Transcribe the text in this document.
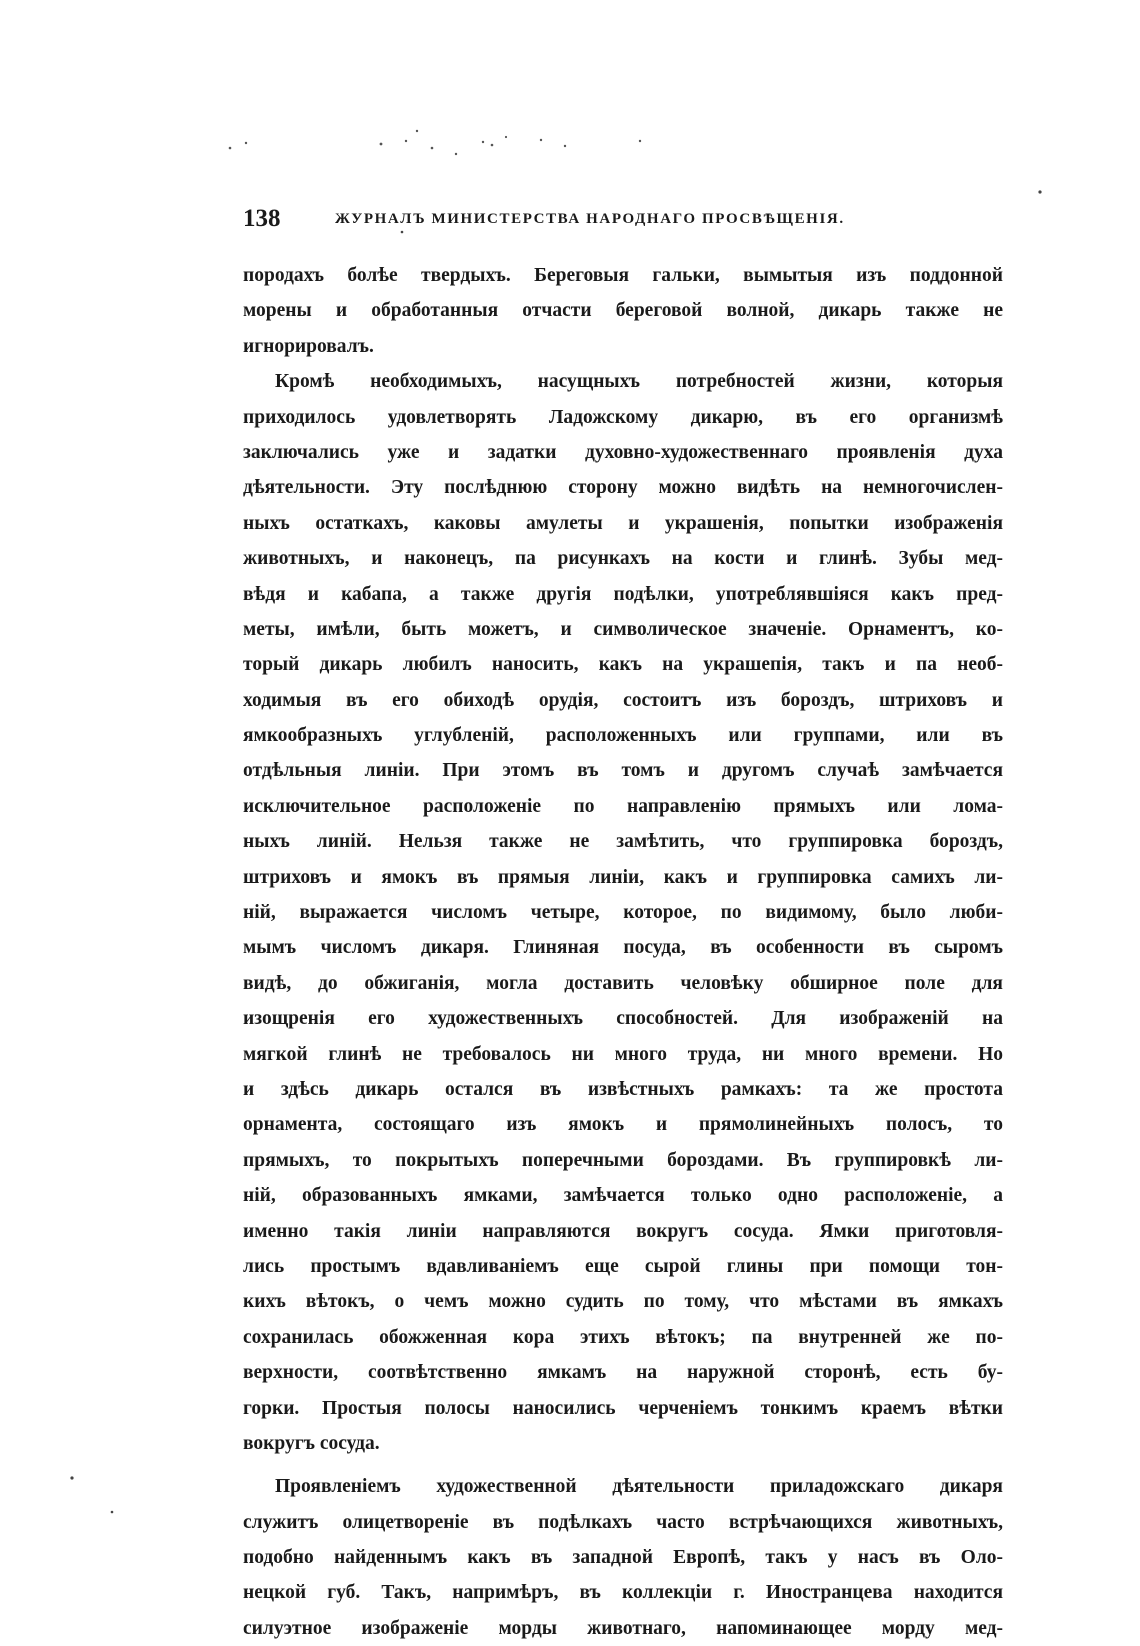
138	ЖУРНАЛЪ МИНИСТЕРСТВА НАРОДНАГО ПРОСВѢЩЕНІЯ.
породахъ болѣе твердыхъ. Береговыя гальки, вымытыя изъ поддонной
морены и обработанныя отчасти береговой волной, дикарь также не
игнорировалъ.
Кромѣ необходимыхъ, насущныхъ потребностей жизни, которыя
приходилось удовлетворять Ладожскому дикарю, въ его организмѣ
заключались уже и задатки духовно-художественнаго проявленія духа
дѣятельности. Эту послѣднюю сторону можно видѣть на немногочислен-
ныхъ остаткахъ, каковы амулеты и украшенія, попытки изображенія
животныхъ, и наконецъ, па рисункахъ на кости и глинѣ. Зубы мед-
вѣдя и кабапа, а также другія подѣлки, употреблявшіяся какъ пред-
меты, имѣли, быть можетъ, и символическое значеніе. Орнаментъ, ко-
торый дикарь любилъ наносить, какъ на украшепія, такъ и па необ-
ходимыя въ его обиходѣ орудія, состоитъ изъ бороздъ, штриховъ и
ямкообразныхъ углубленій, расположенныхъ или группами, или въ
отдѣльныя линіи. При этомъ въ томъ и другомъ случаѣ замѣчается
исключительное расположеніе по направленію прямыхъ или лома-
ныхъ линій. Нельзя также не замѣтить, что группировка бороздъ,
штриховъ и ямокъ въ прямыя линіи, какъ и группировка самихъ ли-
ній, выражается числомъ четыре, которое, по видимому, было люби-
мымъ числомъ дикаря. Глиняная посуда, въ особенности въ сыромъ
видѣ, до обжиганія, могла доставить человѣку обширное поле для
изощренія его художественныхъ способностей. Для изображеній на
мягкой глинѣ не требовалось ни много труда, ни много времени. Но
и здѣсь дикарь остался въ извѣстныхъ рамкахъ: та же простота
орнамента, состоящаго изъ ямокъ и прямолинейныхъ полосъ, то
прямыхъ, то покрытыхъ поперечными бороздами. Въ группировкѣ ли-
ній, образованныхъ ямками, замѣчается только одно расположеніе, а
именно такія линіи направляются вокругъ сосуда. Ямки приготовля-
лись простымъ вдавливаніемъ еще сырой глины при помощи тон-
кихъ вѣтокъ, о чемъ можно судить по тому, что мѣстами въ ямкахъ
сохранилась обожженная кора этихъ вѣтокъ; па внутренней же по-
верхности, соотвѣтственно ямкамъ на наружной сторонѣ, есть бу-
горки. Простыя полосы наносились черченіемъ тонкимъ краемъ вѣтки
вокругъ сосуда.
Проявленіемъ художественной дѣятельности приладожскаго дикаря
служитъ олицетвореніе въ подѣлкахъ часто встрѣчающихся животныхъ,
подобно найденнымъ какъ въ западной Европѣ, такъ у насъ въ Оло-
нецкой губ. Такъ, напримѣръ, въ коллекціи г. Иностранцева находится
силуэтное изображеніе морды животнаго, напоминающее морду мед-
